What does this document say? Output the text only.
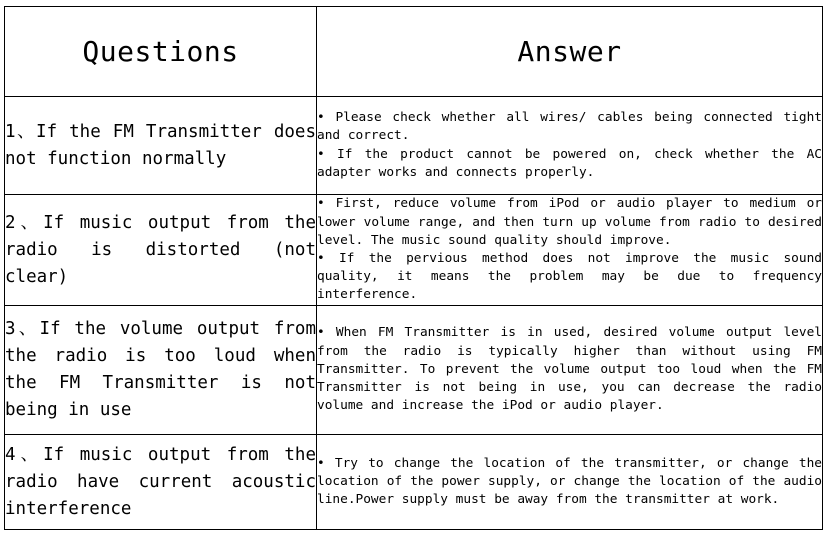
Questions	Answer
1、If the FM Transmitter does not function normally	• Please check whether all wires/ cables being connected tight and correct.

• If the product cannot be powered on, check whether the AC adapter works and connects properly.

2、If music output from the radio is distorted (not clear)	• First, reduce volume from iPod or audio player to medium or lower volume range, and then turn up volume from radio to desired level. The music sound quality should improve.

• If the pervious method does not improve the music sound quality, it means the problem may be due to frequency interference.

3、If the volume output from the radio is too loud when the FM Transmitter is not being in use	• When FM Transmitter is in used, desired volume output level from the radio is typically higher than without using FM Transmitter. To prevent the volume output too loud when the FM Transmitter is not being in use, you can decrease the radio volume and increase the iPod or audio player.

4、If music output from the radio have current acoustic interference	• Try to change the location of the transmitter, or change the location of the power supply, or change the location of the audio line.Power supply must be away from the transmitter at work.
